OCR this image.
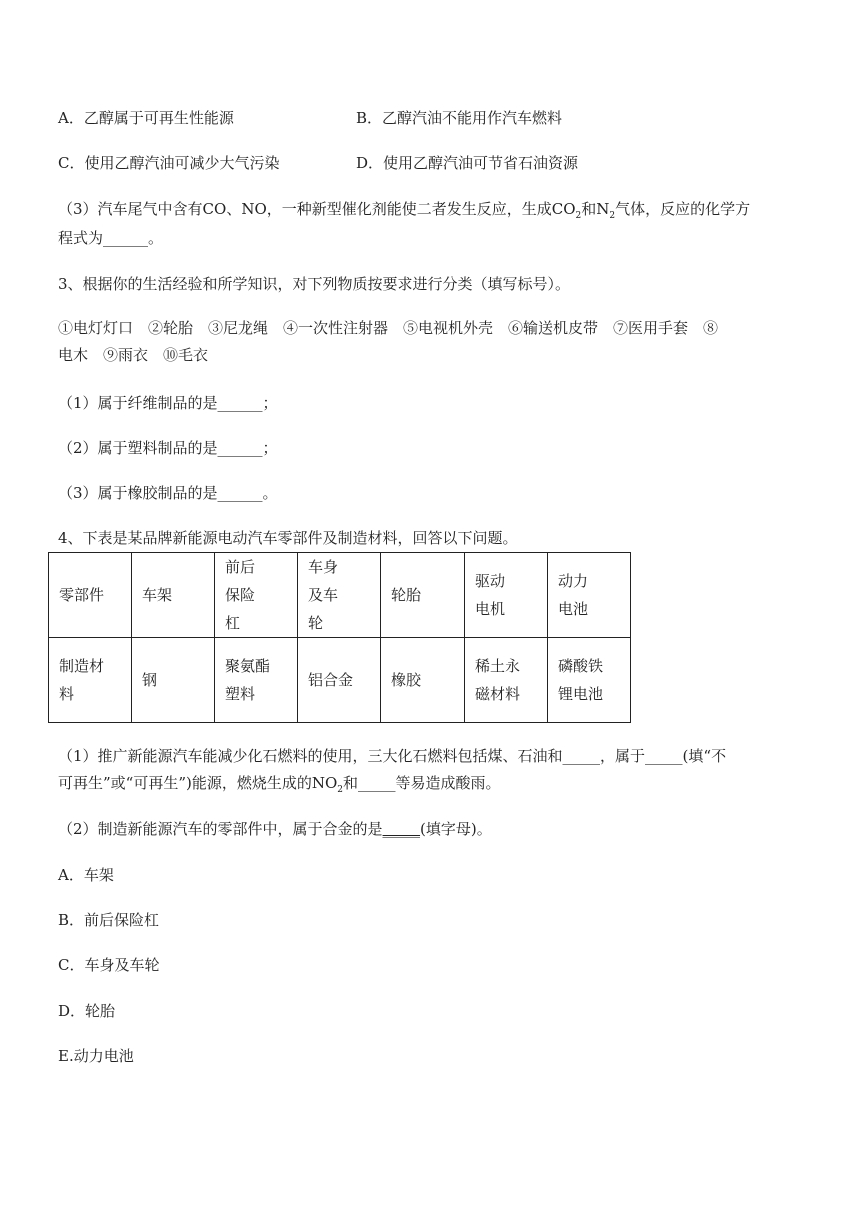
A．乙醇属于可再生性能源	B．乙醇汽油不能用作汽车燃料
C．使用乙醇汽油可减少大气污染	D．使用乙醇汽油可节省石油资源
（3）汽车尾气中含有CO、NO，一种新型催化剂能使二者发生反应，生成$CO_2$和$N_2$气体，反应的化学方
程式为______。
3、根据你的生活经验和所学知识，对下列物质按要求进行分类（填写标号）。
①电灯灯口　②轮胎　③尼龙绳　④一次性注射器　⑤电视机外壳　⑥输送机皮带　⑦医用手套　⑧
电木　⑨雨衣　⑩毛衣
（1）属于纤维制品的是______；
（2）属于塑料制品的是______；
（3）属于橡胶制品的是______。
4、下表是某品牌新能源电动汽车零部件及制造材料，回答以下问题。
零部件	车架	前后保险杠	车身及车轮	轮胎	驱动电机	动力电池

制造材料	钢	聚氨酯塑料	铝合金	橡胶	稀土永磁材料	磷酸铁锂电池
（1）推广新能源汽车能减少化石燃料的使用，三大化石燃料包括煤、石油和_____，属于_____(填“不
可再生”或“可再生”)能源，燃烧生成的$NO_2$和_____等易造成酸雨。
（2）制造新能源汽车的零部件中，属于合金的是_____(填字母)。
A．车架
B．前后保险杠
C．车身及车轮
D．轮胎
E.动力电池
